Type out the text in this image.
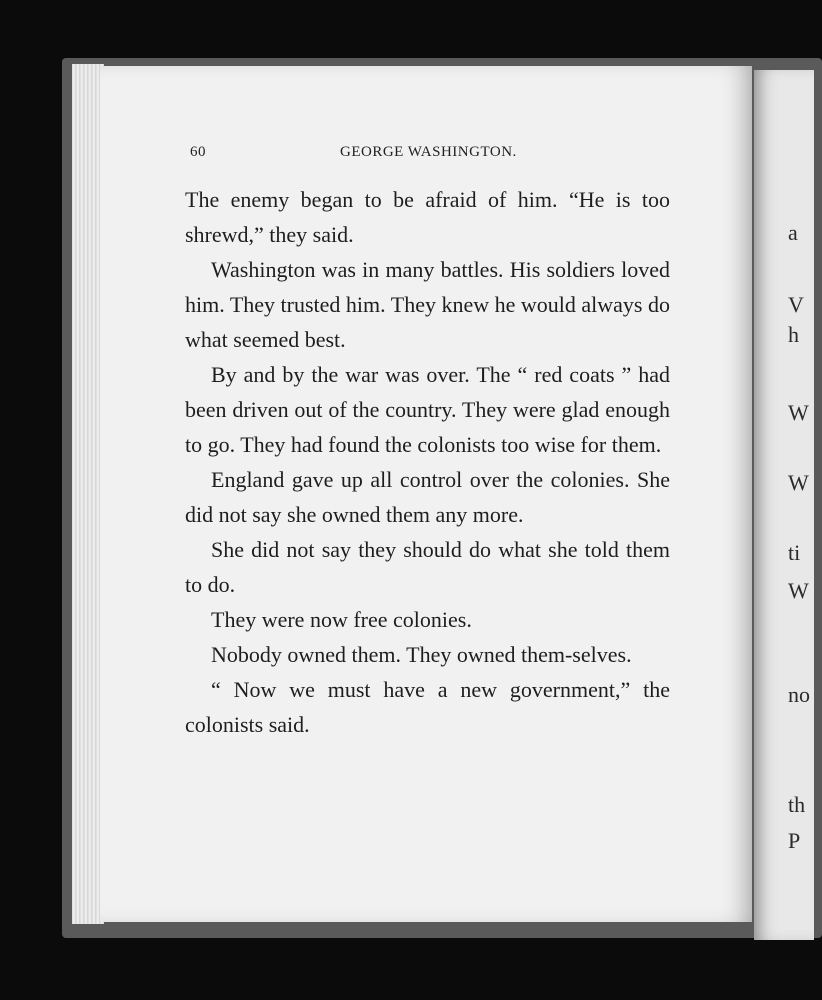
60	GEORGE WASHINGTON.

The enemy began to be afraid of him. “He is too shrewd,” they said.

Washington was in many battles. His soldiers loved him. They trusted him. They knew he would always do what seemed best.

By and by the war was over. The “ red coats ” had been driven out of the country. They were glad enough to go. They had found the colonists too wise for them.

England gave up all control over the colonies. She did not say she owned them any more.

She did not say they should do what she told them to do.

They were now free colonies.

Nobody owned them. They owned them-selves.

“ Now we must have a new government,” the colonists said.

a
V
h
W
W
ti
W
no
th
P
